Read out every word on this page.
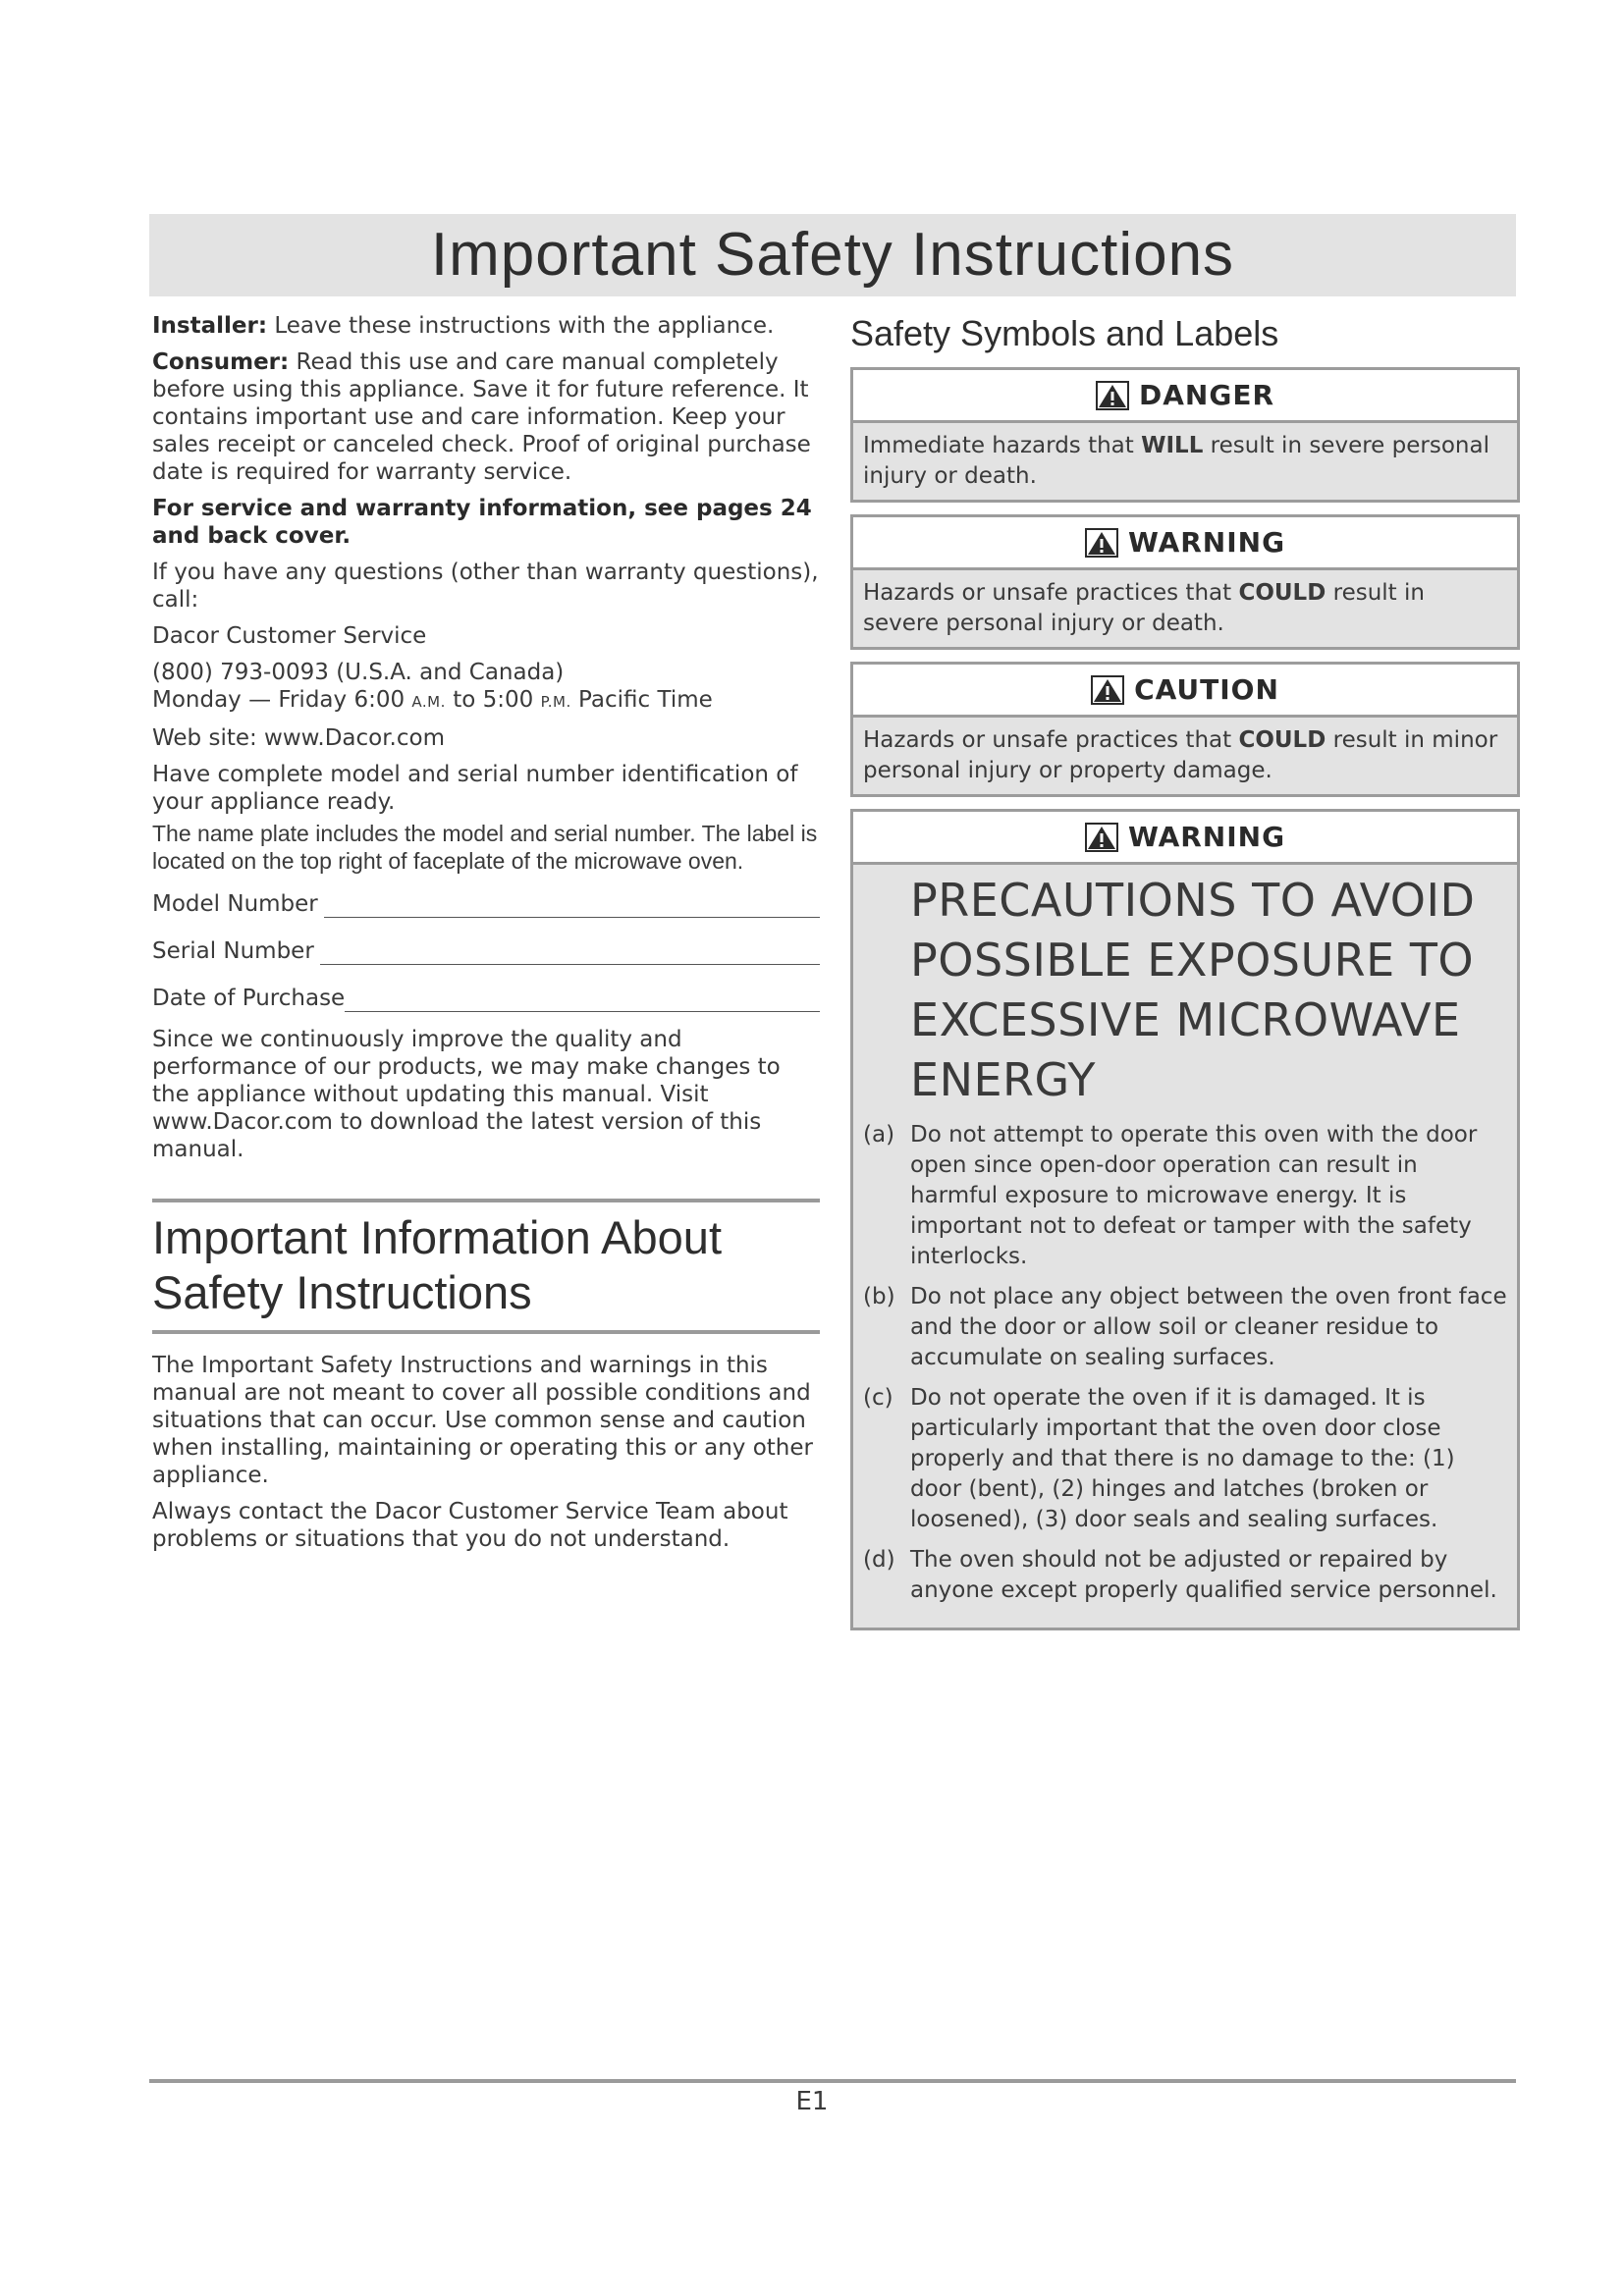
Important Safety Instructions

Installer: Leave these instructions with the appliance.

Consumer: Read this use and care manual completely before using this appliance. Save it for future reference. It contains important use and care information. Keep your sales receipt or canceled check. Proof of original purchase date is required for warranty service.

For service and warranty information, see pages 24 and back cover.

If you have any questions (other than warranty questions), call:

Dacor Customer Service

(800) 793-0093 (U.S.A. and Canada)

Monday — Friday 6:00 A.M. to 5:00 P.M. Pacific Time

Web site: www.Dacor.com

Have complete model and serial number identification of your appliance ready.

The name plate includes the model and serial number. The label is located on the top right of faceplate of the microwave oven.

Model Number
Serial Number
Date of Purchase

Since we continuously improve the quality and performance of our products, we may make changes to the appliance without updating this manual. Visit www.Dacor.com to download the latest version of this manual.

Important Information About Safety Instructions

The Important Safety Instructions and warnings in this manual are not meant to cover all possible conditions and situations that can occur. Use common sense and caution when installing, maintaining or operating this or any other appliance.

Always contact the Dacor Customer Service Team about problems or situations that you do not understand.

Safety Symbols and Labels
DANGER
Immediate hazards that WILL result in severe personal injury or death.
WARNING
Hazards or unsafe practices that COULD result in severe personal injury or death.
CAUTION
Hazards or unsafe practices that COULD result in minor personal injury or property damage.
WARNING
PRECAUTIONS TO AVOID POSSIBLE EXPOSURE TO EXCESSIVE MICROWAVE ENERGY
(a) Do not attempt to operate this oven with the door open since open-door operation can result in harmful exposure to microwave energy. It is important not to defeat or tamper with the safety interlocks.
(b) Do not place any object between the oven front face and the door or allow soil or cleaner residue to accumulate on sealing surfaces.
(c) Do not operate the oven if it is damaged. It is particularly important that the oven door close properly and that there is no damage to the: (1) door (bent), (2) hinges and latches (broken or loosened), (3) door seals and sealing surfaces.
(d) The oven should not be adjusted or repaired by anyone except properly qualified service personnel.
E1
